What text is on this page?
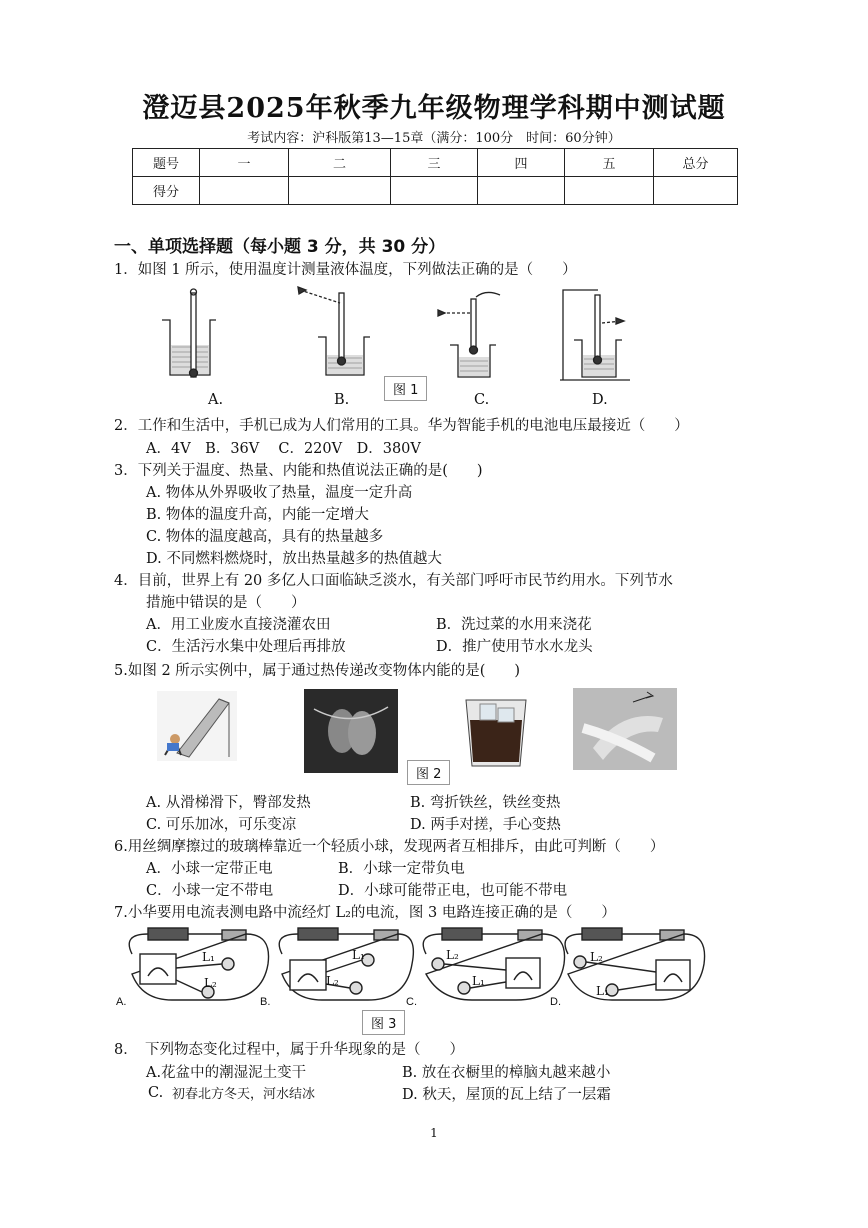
澄迈县2025年秋季九年级物理学科期中测试题
考试内容：沪科版第13—15章（满分：100分　时间：60分钟）
题号	一	二	三	四	五	总分
得分						
一、单项选择题（每小题 3 分，共 30 分）
1．如图 1 所示，使用温度计测量液体温度，下列做法正确的是（　　）
A.	B.
图 1
C.	D.
2．工作和生活中，手机已成为人们常用的工具。华为智能手机的电池电压最接近（　　）
A．4V　B．36V　 C．220V　D．380V
3．下列关于温度、热量、内能和热值说法正确的是(　　)
A. 物体从外界吸收了热量，温度一定升高
B. 物体的温度升高，内能一定增大
C. 物体的温度越高，具有的热量越多
D. 不同燃料燃烧时，放出热量越多的热值越大
4．目前，世界上有 20 多亿人口面临缺乏淡水，有关部门呼吁市民节约用水。下列节水
措施中错误的是（　　）
A．用工业废水直接浇灌农田	B．洗过菜的水用来浇花
C．生活污水集中处理后再排放	D．推广使用节水水龙头
5.如图 2 所示实例中，属于通过热传递改变物体内能的是(　　)
图 2
A. 从滑梯滑下，臀部发热	B. 弯折铁丝，铁丝变热
C. 可乐加冰，可乐变凉	D. 两手对搓，手心变热
6.用丝绸摩擦过的玻璃棒靠近一个轻质小球，发现两者互相排斥，由此可判断（　　）
A．小球一定带正电	B．小球一定带负电
C．小球一定不带电	D．小球可能带正电，也可能不带电
7.小华要用电流表测电路中流经灯 L₂的电流，图 3 电路连接正确的是（　　）
L₁
L₂
L₁
L₂
L₂
L₁
L₂
L₁
A.	B.	C.	D.
图 3
8．　下列物态变化过程中，属于升华现象的是（　　）
A.花盆中的潮湿泥土变干	B. 放在衣橱里的樟脑丸越来越小
C. 初春北方冬天，河水结冰	D. 秋天，屋顶的瓦上结了一层霜
1
